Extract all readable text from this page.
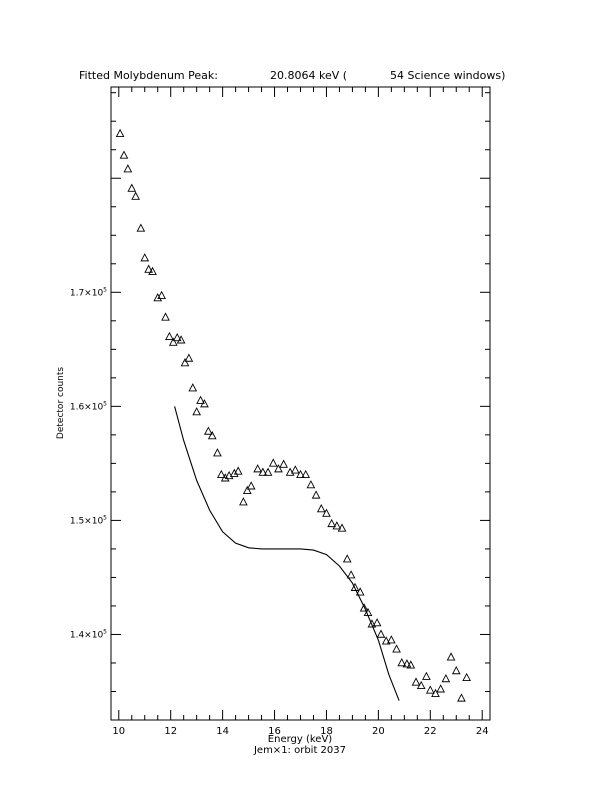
Fitted Molybdenum Peak:	20.8064 keV (	54 Science windows)
10	12	14	16	18	20	22	24
$1.4\times 10^5$
$1.5\times 10^5$
$1.6\times 10^5$
$1.7\times 10^5$
Energy (keV)
Jem×1: orbit 2037
Detector counts
